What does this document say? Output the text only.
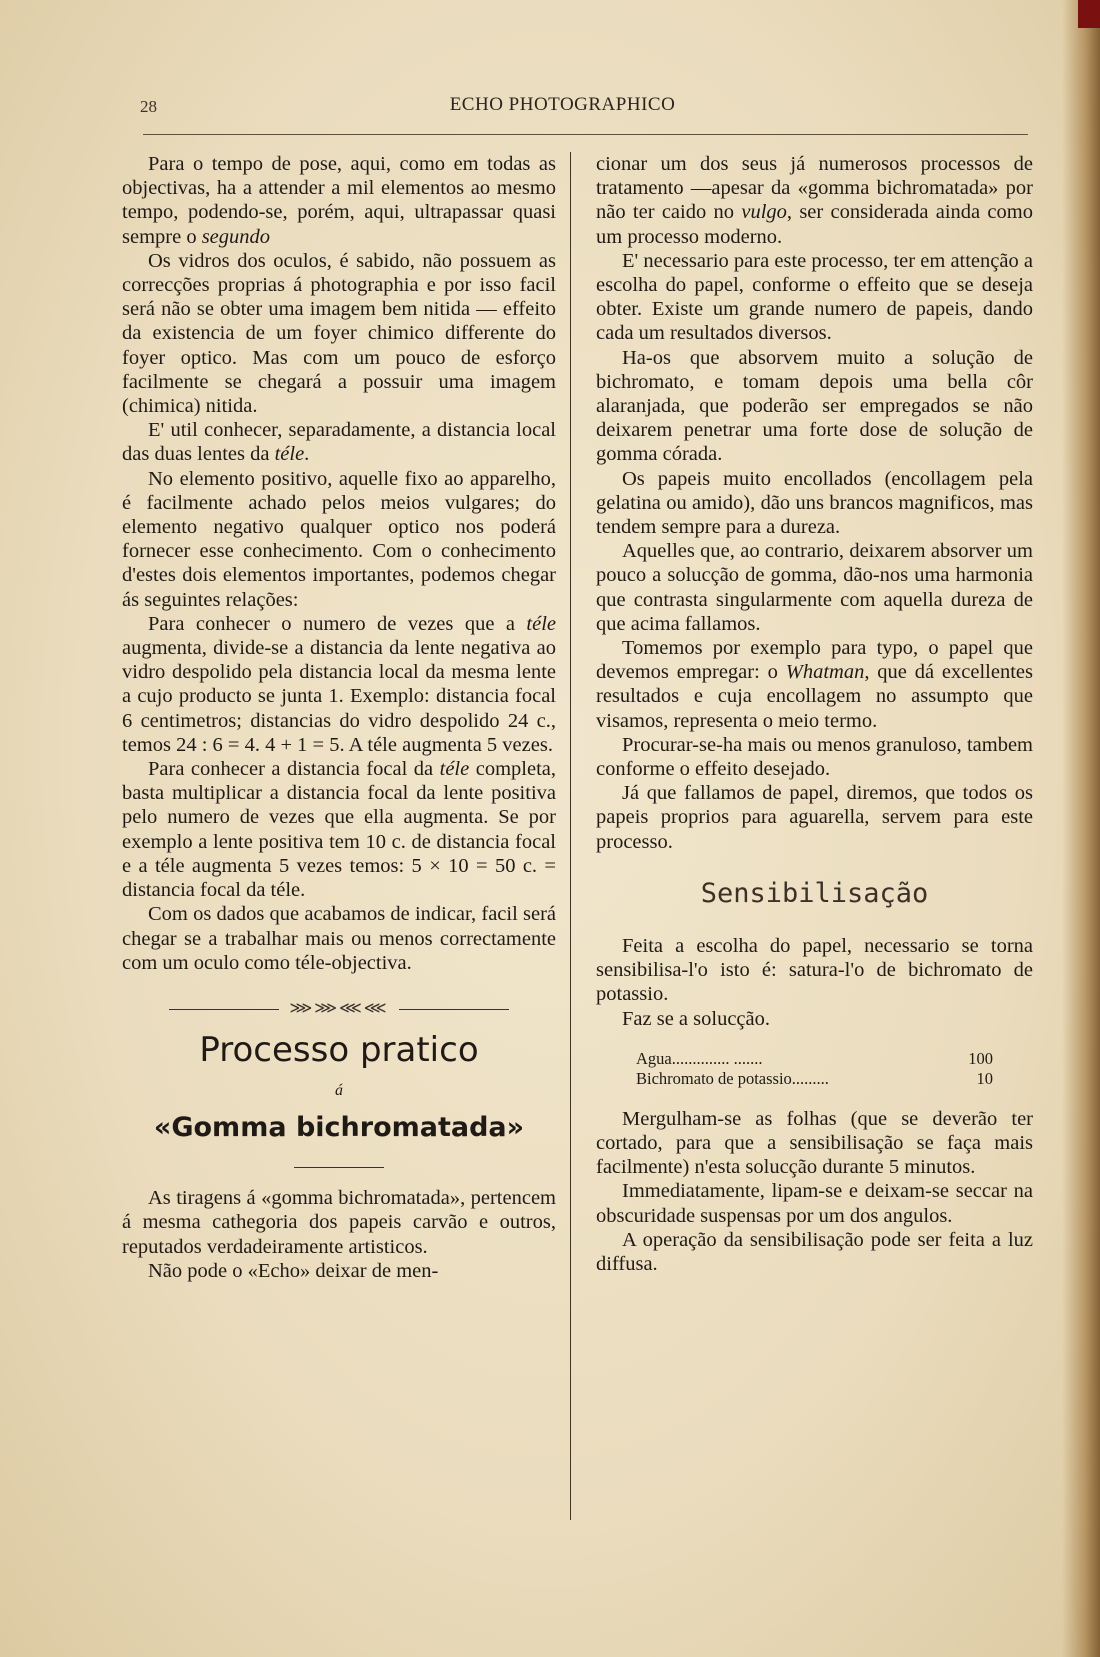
28	ECHO PHOTOGRAPHICO

Para o tempo de pose, aqui, como em todas as objectivas, ha a attender a mil elementos ao mesmo tempo, podendo-se, porém, aqui, ultrapassar quasi sempre o segundo

Os vidros dos oculos, é sabido, não possuem as correcções proprias á photographia e por isso facil será não se obter uma imagem bem nitida — effeito da existencia de um foyer chimico differente do foyer optico. Mas com um pouco de esforço facilmente se chegará a possuir uma imagem (chimica) nitida.

E' util conhecer, separadamente, a distancia local das duas lentes da téle.

No elemento positivo, aquelle fixo ao apparelho, é facilmente achado pelos meios vulgares; do elemento negativo qualquer optico nos poderá fornecer esse conhecimento. Com o conhecimento d'estes dois elementos importantes, podemos chegar ás seguintes relações:

Para conhecer o numero de vezes que a téle augmenta, divide-se a distancia da lente negativa ao vidro despolido pela distancia local da mesma lente a cujo producto se junta 1. Exemplo: distancia focal 6 centimetros; distancias do vidro despolido 24 c., temos 24 : 6 = 4. 4 + 1 = 5. A téle augmenta 5 vezes.

Para conhecer a distancia focal da téle completa, basta multiplicar a distancia focal da lente positiva pelo numero de vezes que ella augmenta. Se por exemplo a lente positiva tem 10 c. de distancia focal e a téle augmenta 5 vezes temos: 5 × 10 = 50 c. = distancia focal da téle.

Com os dados que acabamos de indicar, facil será chegar se a trabalhar mais ou menos correctamente com um oculo como téle-objectiva.

⋙⋙⋘⋘
Processo pratico
á
«Gomma bichromatada»

As tiragens á «gomma bichromatada», pertencem á mesma cathegoria dos papeis carvão e outros, reputados verdadeiramente artisticos.

Não pode o «Echo» deixar de men-

cionar um dos seus já numerosos processos de tratamento —apesar da «gomma bichromatada» por não ter caido no vulgo, ser considerada ainda como um processo moderno.

E' necessario para este processo, ter em attenção a escolha do papel, conforme o effeito que se deseja obter. Existe um grande numero de papeis, dando cada um resultados diversos.

Ha-os que absorvem muito a solução de bichromato, e tomam depois uma bella côr alaranjada, que poderão ser empregados se não deixarem penetrar uma forte dose de solução de gomma córada.

Os papeis muito encollados (encollagem pela gelatina ou amido), dão uns brancos magnificos, mas tendem sempre para a dureza.

Aquelles que, ao contrario, deixarem absorver um pouco a solucção de gomma, dão-nos uma harmonia que contrasta singularmente com aquella dureza de que acima fallamos.

Tomemos por exemplo para typo, o papel que devemos empregar: o Whatman, que dá excellentes resultados e cuja encollagem no assumpto que visamos, representa o meio termo.

Procurar-se-ha mais ou menos granuloso, tambem conforme o effeito desejado.

Já que fallamos de papel, diremos, que todos os papeis proprios para aguarella, servem para este processo.

Sensibilisação

Feita a escolha do papel, necessario se torna sensibilisa-l'o isto é: satura-l'o de bichromato de potassio.

Faz se a solucção.

Agua.............. .......	100
Bichromato de potassio.........	10

Mergulham-se as folhas (que se deverão ter cortado, para que a sensibilisação se faça mais facilmente) n'esta solucção durante 5 minutos.

Immediatamente, lipam-se e deixam-se seccar na obscuridade suspensas por um dos angulos.

A operação da sensibilisação pode ser feita a luz diffusa.
